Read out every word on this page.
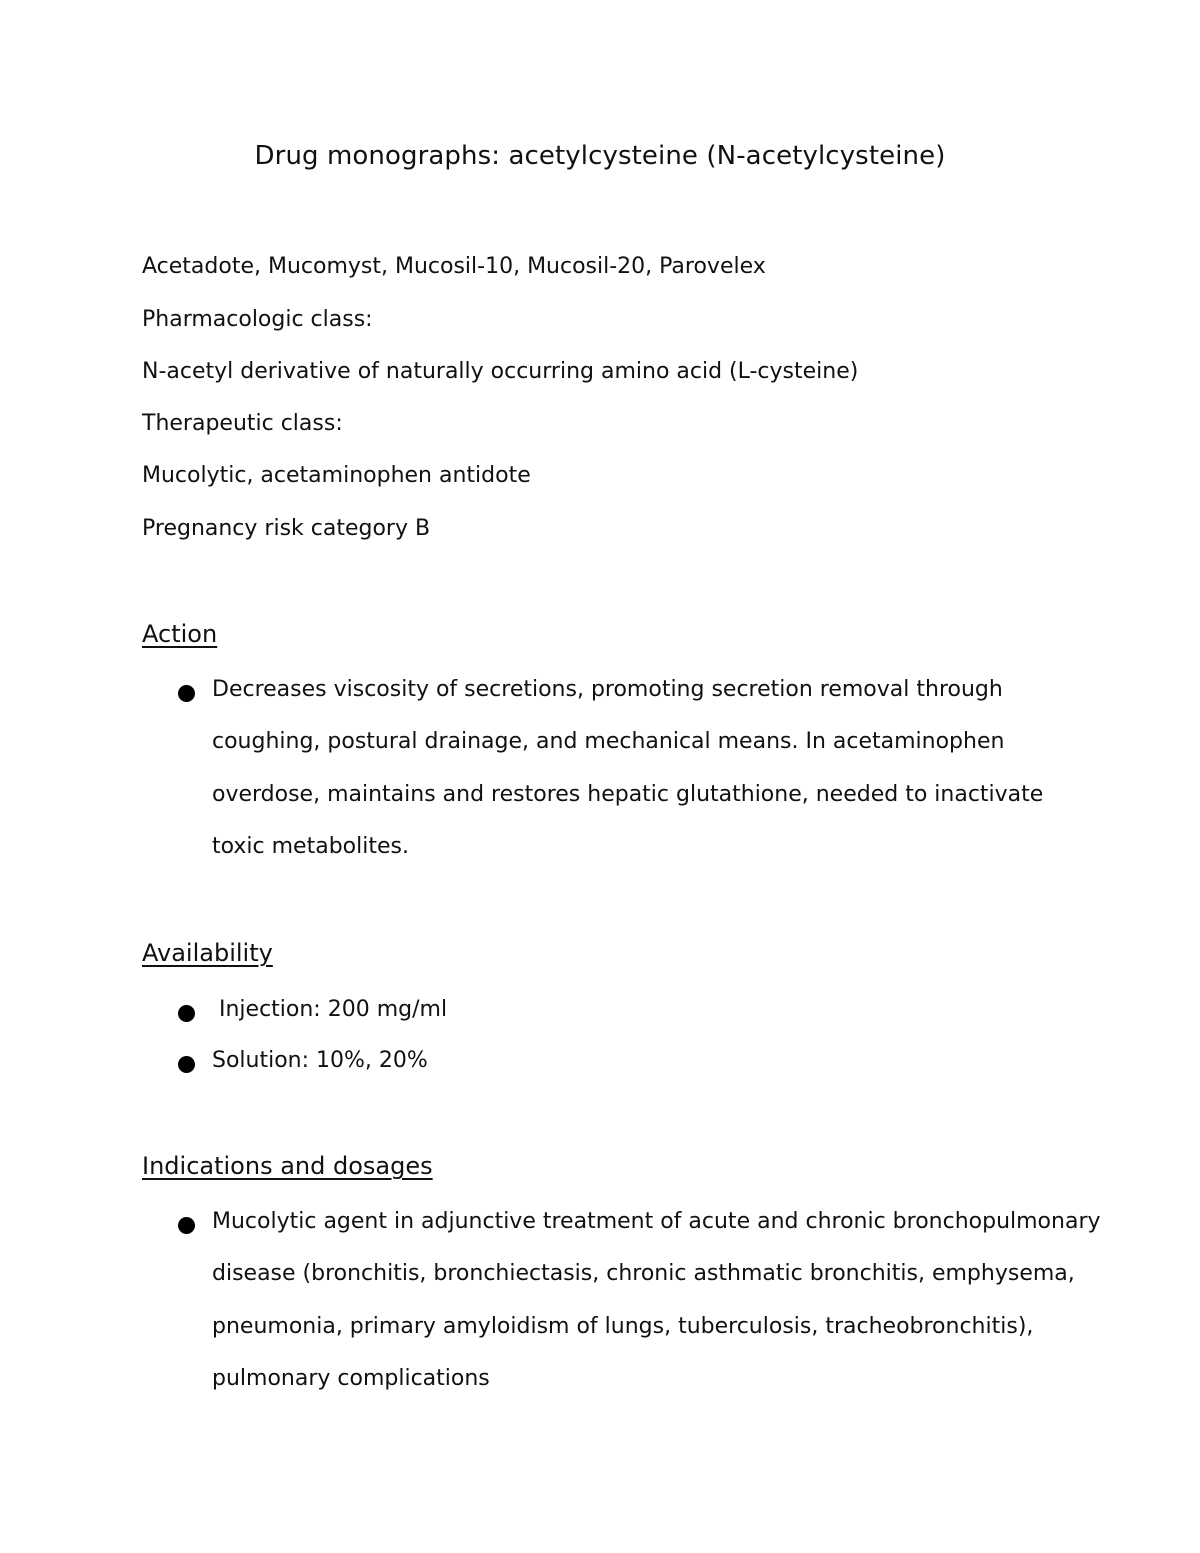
Drug monographs: acetylcysteine (N-acetylcysteine)
Acetadote, Mucomyst, Mucosil-10, Mucosil-20, Parovelex
Pharmacologic class:
N-acetyl derivative of naturally occurring amino acid (L-cysteine)
Therapeutic class:
Mucolytic, acetaminophen antidote
Pregnancy risk category B
Action
Decreases viscosity of secretions, promoting secretion removal through coughing, postural drainage, and mechanical means. In acetaminophen overdose, maintains and restores hepatic glutathione, needed to inactivate toxic metabolites.
Availability
Injection: 200 mg/ml
Solution: 10%, 20%
Indications and dosages
Mucolytic agent in adjunctive treatment of acute and chronic bronchopulmonary disease (bronchitis, bronchiectasis, chronic asthmatic bronchitis, emphysema, pneumonia, primary amyloidism of lungs, tuberculosis, tracheobronchitis), pulmonary complications
